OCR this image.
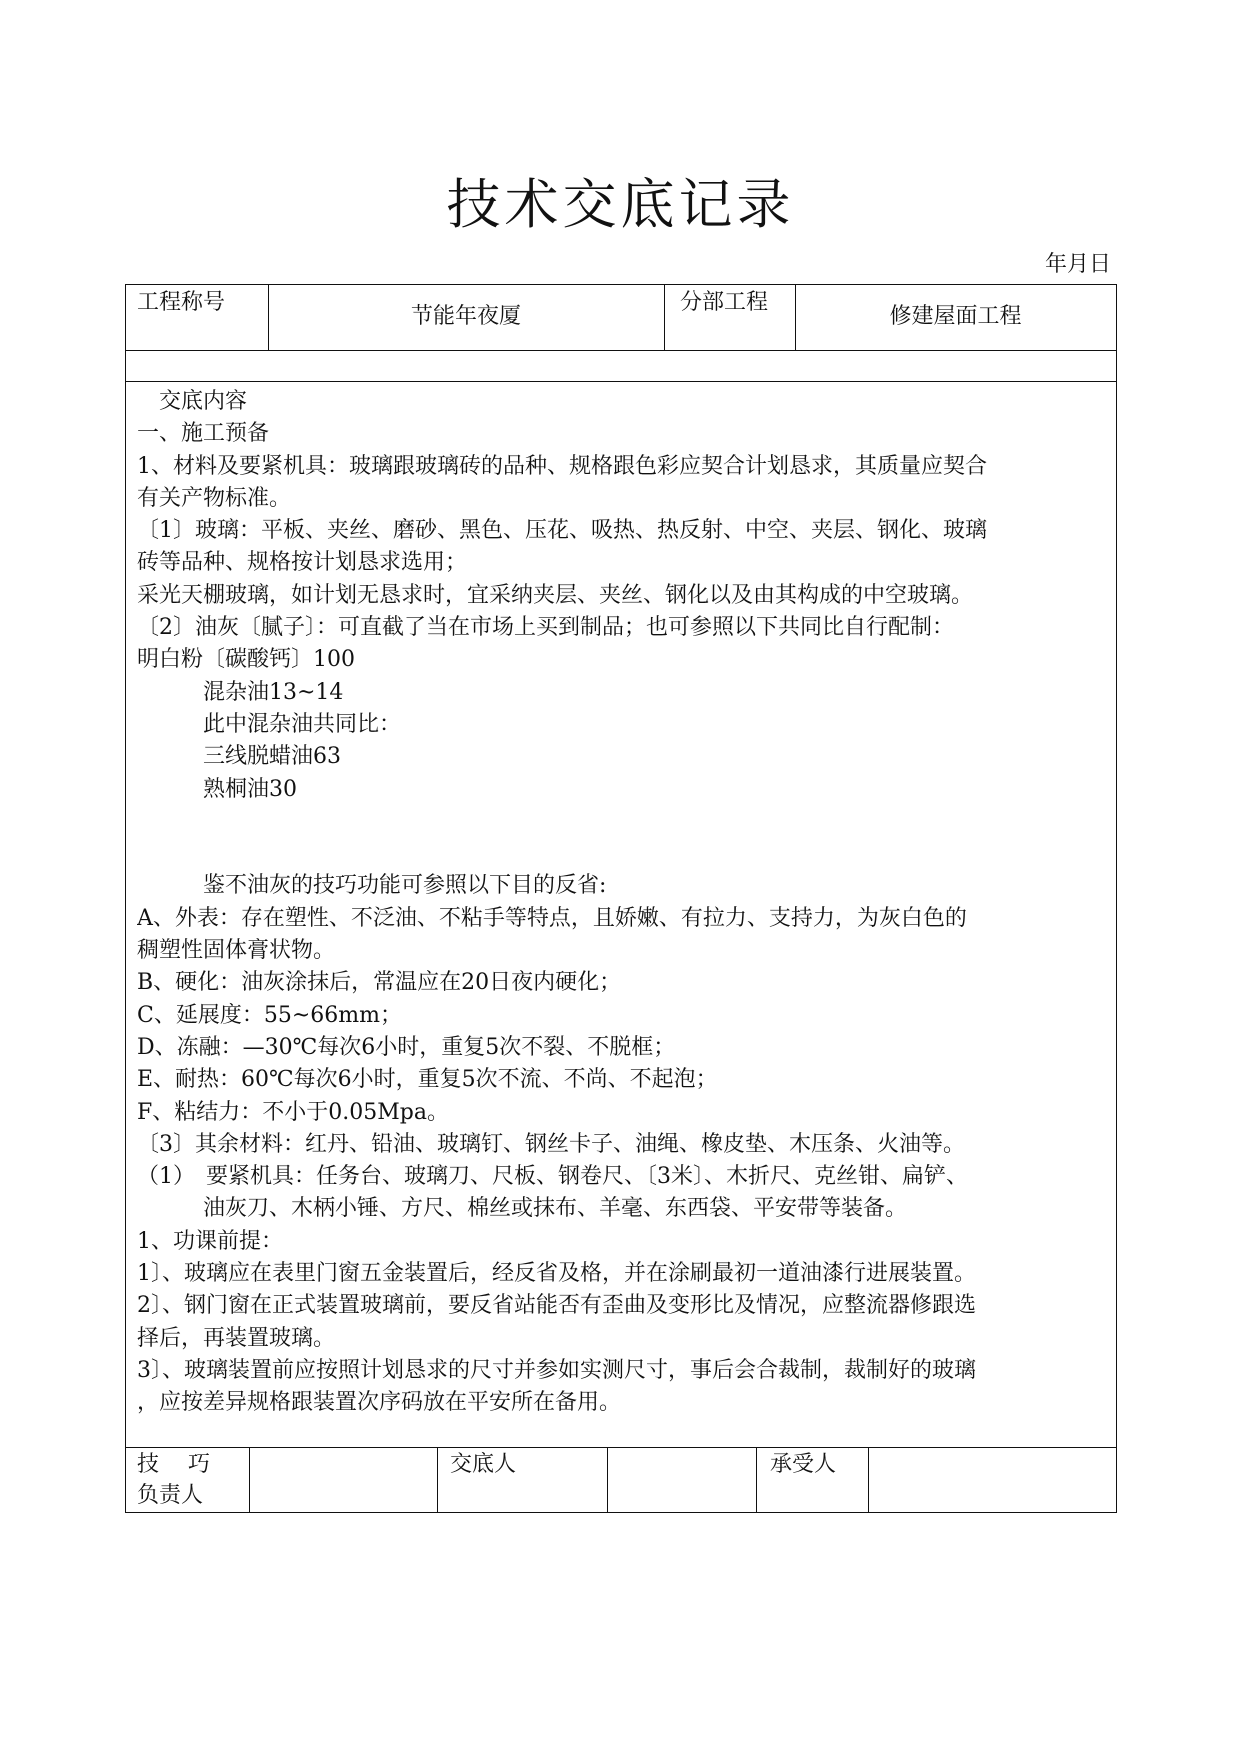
技术交底记录
年月日
工程称号
节能年夜厦
分部工程
修建屋面工程
　交底内容
一、施工预备
1、材料及要紧机具：玻璃跟玻璃砖的品种、规格跟色彩应契合计划恳求，其质量应契合
有关产物标准。
〔1〕玻璃：平板、夹丝、磨砂、黑色、压花、吸热、热反射、中空、夹层、钢化、玻璃
砖等品种、规格按计划恳求选用；
采光天棚玻璃，如计划无恳求时，宜采纳夹层、夹丝、钢化以及由其构成的中空玻璃。
〔2〕油灰〔腻子〕：可直截了当在市场上买到制品；也可参照以下共同比自行配制：
明白粉〔碳酸钙〕100
　　　混杂油13~14
　　　此中混杂油共同比：
　　　三线脱蜡油63
　　　熟桐油30
　　　鉴不油灰的技巧功能可参照以下目的反省:
A、外表：存在塑性、不泛油、不粘手等特点，且娇嫩、有拉力、支持力，为灰白色的
稠塑性固体膏状物。
B、硬化：油灰涂抹后，常温应在20日夜内硬化；
C、延展度：55~66mm；
D、冻融：—30℃每次6小时，重复5次不裂、不脱框；
E、耐热：60℃每次6小时，重复5次不流、不尚、不起泡；
F、粘结力：不小于0.05Mpa。
〔3〕其余材料：红丹、铅油、玻璃钉、钢丝卡子、油绳、橡皮垫、木压条、火油等。
（1）　要紧机具：任务台、玻璃刀、尺板、钢卷尺、〔3米〕、木折尺、克丝钳、扁铲、
　　　油灰刀、木柄小锤、方尺、棉丝或抹布、羊毫、东西袋、平安带等装备。
1、功课前提：
1〕、玻璃应在表里门窗五金装置后，经反省及格，并在涂刷最初一道油漆行进展装置。
2〕、钢门窗在正式装置玻璃前，要反省站能否有歪曲及变形比及情况，应整流器修跟选
择后，再装置玻璃。
3〕、玻璃装置前应按照计划恳求的尺寸并参如实测尺寸，事后会合裁制，裁制好的玻璃
，应按差异规格跟装置次序码放在平安所在备用。
技　 巧
负责人
交底人	承受人
